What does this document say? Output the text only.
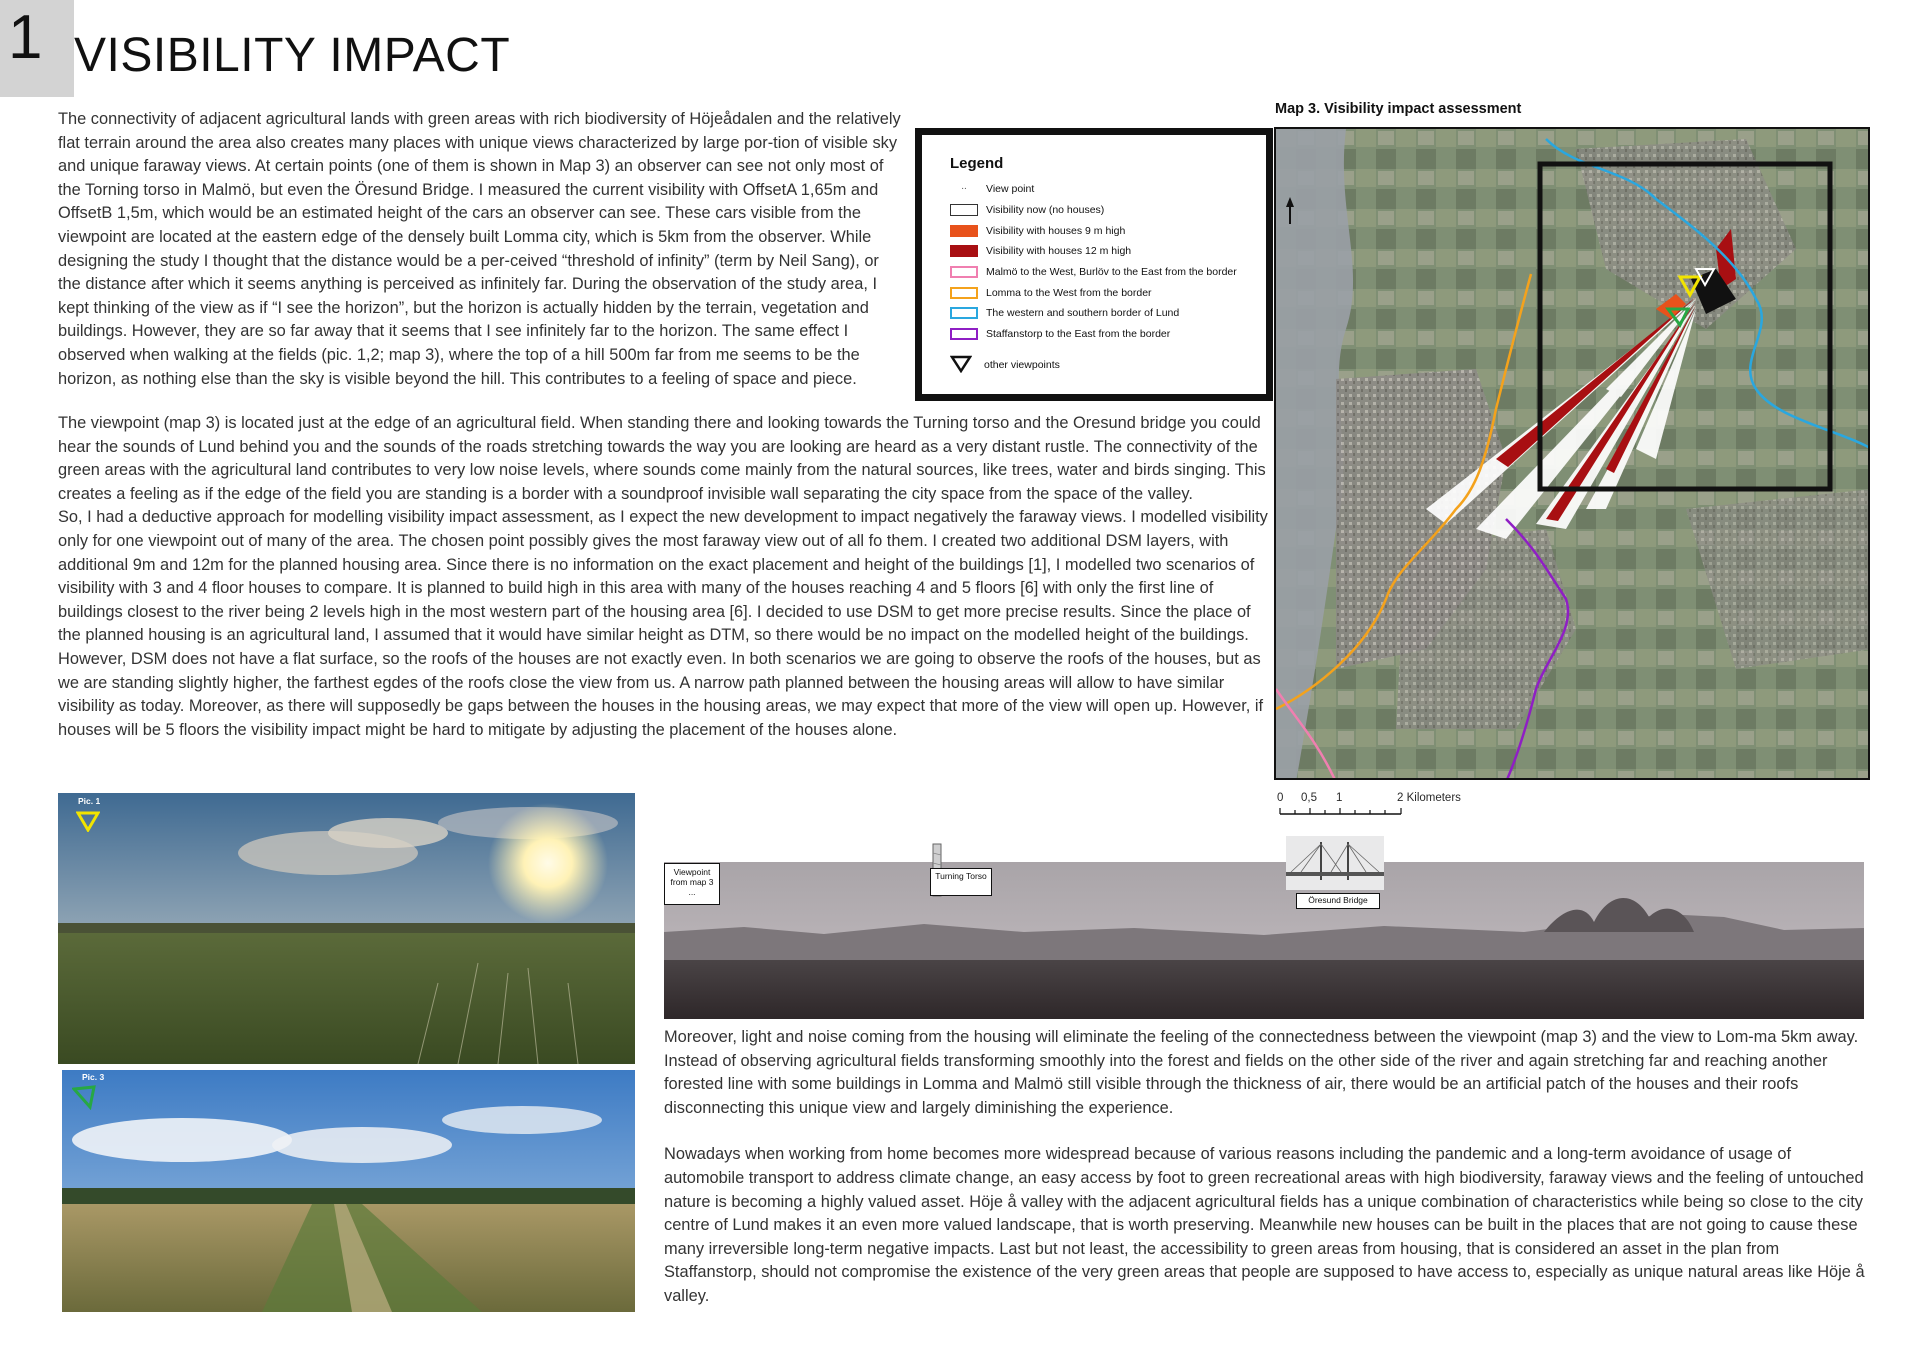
1 VISIBILITY IMPACT

The connectivity of adjacent agricultural lands with green areas with rich biodiversity of Höjeådalen and the relatively flat terrain around the area also creates many places with unique views characterized by large por-tion of visible sky and unique faraway views. At certain points (one of them is shown in Map 3) an observer can see not only most of the Torning torso in Malmö, but even the Öresund Bridge. I measured the current visibility with OffsetA 1,65m and OffsetB 1,5m, which would be an estimated height of the cars an observer can see. These cars visible from the viewpoint are located at the eastern edge of the densely built Lomma city, which is 5km from the observer. While designing the study I thought that the distance would be a per-ceived “threshold of infinity” (term by Neil Sang), or the distance after which it seems anything is perceived as infinitely far. During the observation of the study area, I kept thinking of the view as if “I see the horizon”, but the horizon is actually hidden by the terrain, vegetation and buildings. However, they are so far away that it seems that I see infinitely far to the horizon. The same effect I observed when walking at the fields (pic. 1,2; map 3), where the top of a hill 500m far from me seems to be the horizon, as nothing else than the sky is visible beyond the hill. This contributes to a feeling of space and piece.

The viewpoint (map 3) is located just at the edge of an agricultural field. When standing there and looking towards the Turning torso and the Oresund bridge you could hear the sounds of Lund behind you and the sounds of the roads stretching towards the way you are looking are heard as a very distant rustle. The connectivity of the green areas with the agricultural land contributes to very low noise levels, where sounds come mainly from the natural sources, like trees, water and birds singing. This creates a feeling as if the edge of the field you are standing is a border with a soundproof invisible wall separating the city space from the space of the valley.

So, I had a deductive approach for modelling visibility impact assessment, as I expect the new development to impact negatively the faraway views. I modelled visibility only for one viewpoint out of many of the area. The chosen point possibly gives the most faraway view out of all fo them. I created two additional DSM layers, with additional 9m and 12m for the planned housing area. Since there is no information on the exact placement and height of the buildings [1], I modelled two scenarios of visibility with 3 and 4 floor houses to compare. It is planned to build high in this area with many of the houses reaching 4 and 5 floors [6] with only the first line of buildings closest to the river being 2 levels high in the most western part of the housing area [6]. I decided to use DSM to get more precise results. Since the place of the planned housing is an agricultural land, I assumed that it would have similar height as DTM, so there would be no impact on the modelled height of the buildings.

However, DSM does not have a flat surface, so the roofs of the houses are not exactly even. In both scenarios we are going to observe the roofs of the houses, but as we are standing slightly higher, the farthest egdes of the roofs close the view from us. A narrow path planned between the housing areas will allow to have similar visibility as today. Moreover, as there will supposedly be gaps between the houses in the housing areas, we may expect that more of the view will open up. However, if houses will be 5 floors the visibility impact might be hard to mitigate by adjusting the placement of the houses alone.

Map 3. Visibility impact assessment
Legend
..	View point
Visibility now (no houses)
Visibility with houses 9 m high
Visibility with houses 12 m high
Malmö to the West, Burlöv to the East from the border
Lomma to the West from the border
The western and southern border of Lund
Staffanstorp to the East from the border
other viewpoints
0 0,5 1	2 Kilometers
Pic. 1
Pic. 3
Viewpoint from map 3
...
Turning Torso
Öresund Bridge

Moreover, light and noise coming from the housing will eliminate the feeling of the connectedness between the viewpoint (map 3) and the view to Lom-ma 5km away. Instead of observing agricultural fields transforming smoothly into the forest and fields on the other side of the river and again stretching far and reaching another forested line with some buildings in Lomma and Malmö still visible through the thickness of air, there would be an artificial patch of the houses and their roofs disconnecting this unique view and largely diminishing the experience.

Nowadays when working from home becomes more widespread because of various reasons including the pandemic and a long-term avoidance of usage of automobile transport to address climate change, an easy access by foot to green recreational areas with high biodiversity, faraway views and the feeling of untouched nature is becoming a highly valued asset. Höje å valley with the adjacent agricultural fields has a unique combination of characteristics while being so close to the city centre of Lund makes it an even more valued landscape, that is worth preserving. Meanwhile new houses can be built in the places that are not going to cause these many irreversible long-term negative impacts. Last but not least, the accessibility to green areas from housing, that is considered an asset in the plan from Staffanstorp, should not compromise the existence of the very green areas that people are supposed to have access to, especially as unique natural areas like Höje å valley.
